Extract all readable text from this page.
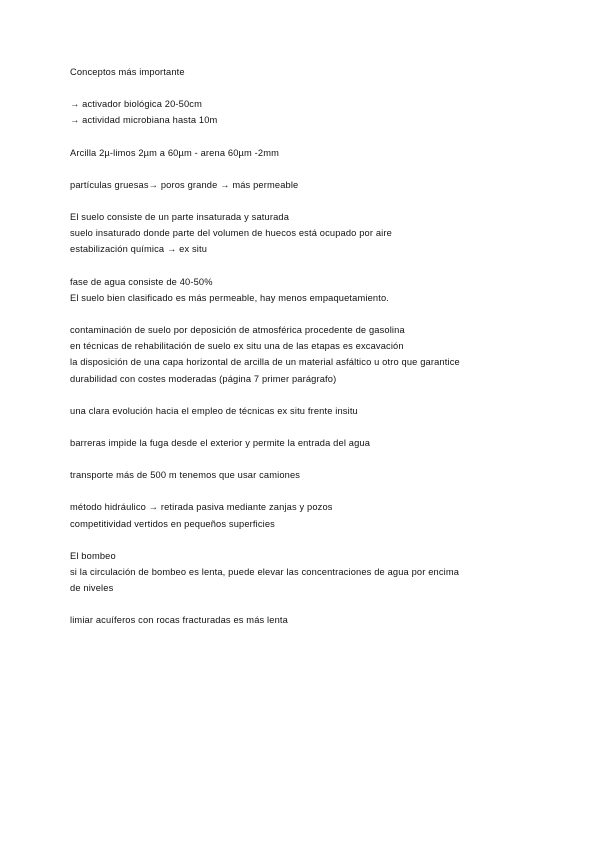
Conceptos más importante

→ activador biológica 20-50cm
→ actividad microbiana hasta 10m

Arcilla 2µ-limos 2µm a 60µm - arena 60µm -2mm

partículas gruesas→ poros grande → más permeable

El suelo consiste de un parte insaturada y saturada
suelo insaturado donde parte del volumen de huecos está ocupado por aire
estabilización química → ex situ

fase de agua consiste de 40-50%
El suelo bien clasificado es más permeable, hay menos empaquetamiento.

contaminación de suelo por deposición de atmosférica procedente de gasolina
en técnicas de rehabilitación de suelo ex situ una de las etapas es excavación
la disposición de una capa horizontal de arcilla de un material asfáltico u otro que garantice
durabilidad con costes moderadas (página 7 primer parágrafo)

una clara evolución hacia el empleo de técnicas ex situ frente insitu

barreras impide la fuga desde el exterior y permite la entrada del agua

transporte más de 500 m tenemos que usar camiones

método hidráulico → retirada pasiva mediante zanjas y pozos
competitividad vertidos en pequeños superficies

El bombeo
si la circulación de bombeo es lenta, puede elevar las concentraciones de agua por encima
de niveles

limiar acuíferos con rocas fracturadas es más lenta
